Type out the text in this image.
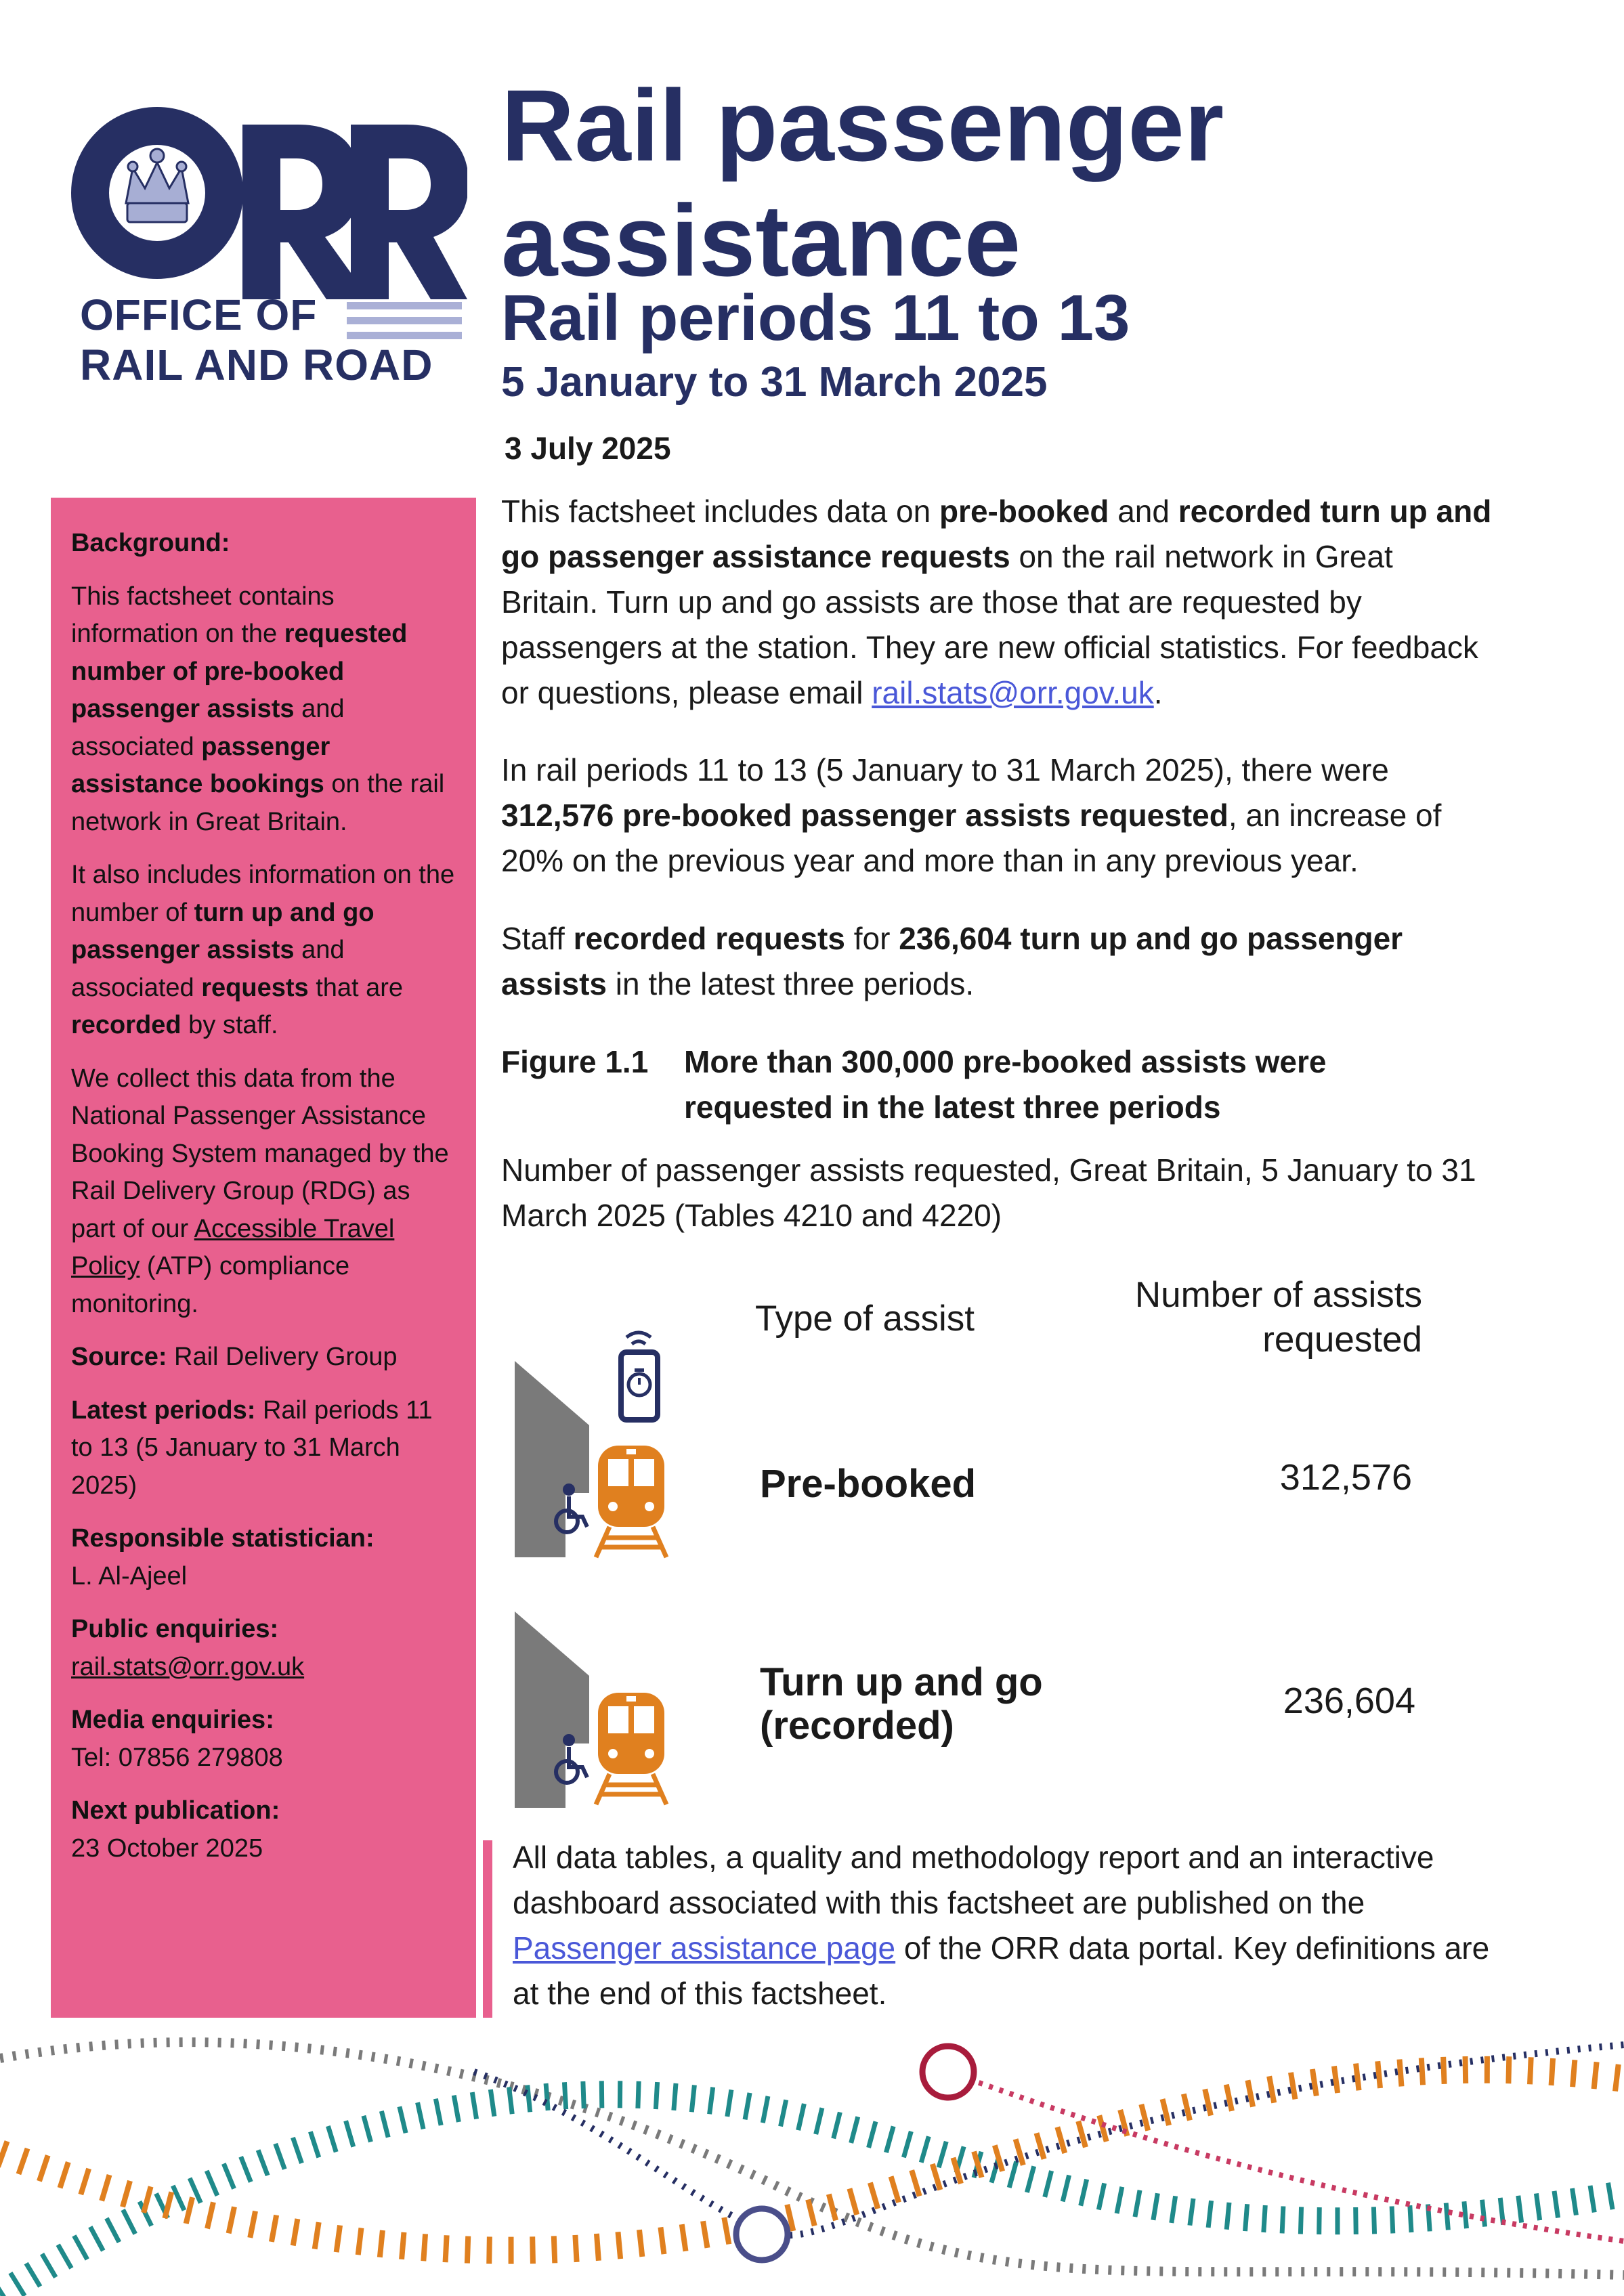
OFFICE OF
RAIL AND ROAD
Rail passenger
assistance
Rail periods 11 to 13
5 January to 31 March 2025
3 July 2025

Background:

This factsheet contains information on the requested number of pre-booked passenger assists and associated passenger assistance bookings on the rail network in Great Britain.

It also includes information on the number of turn up and go passenger assists and associated requests that are recorded by staff.

We collect this data from the National Passenger Assistance Booking System managed by the Rail Delivery Group (RDG) as part of our Accessible Travel Policy (ATP) compliance monitoring.

Source: Rail Delivery Group

Latest periods: Rail periods 11 to 13 (5 January to 31 March 2025)

Responsible statistician:
L. Al-Ajeel

Public enquiries:
rail.stats@orr.gov.uk

Media enquiries:
Tel: 07856 279808

Next publication:
23 October 2025

This factsheet includes data on pre-booked and recorded turn up and go passenger assistance requests on the rail network in Great Britain. Turn up and go assists are those that are requested by passengers at the station. They are new official statistics. For feedback or questions, please email rail.stats@orr.gov.uk.

In rail periods 11 to 13 (5 January to 31 March 2025), there were 312,576 pre-booked passenger assists requested, an increase of 20% on the previous year and more than in any previous year.

Staff recorded requests for 236,604 turn up and go passenger assists in the latest three periods.

Figure 1.1 More than 300,000 pre-booked assists were requested in the latest three periods
Number of passenger assists requested, Great Britain, 5 January to 31 March 2025 (Tables 4210 and 4220)
Type of assist
Number of assists
requested
Pre-booked	312,576
Turn up and go
(recorded)
236,604

All data tables, a quality and methodology report and an interactive dashboard associated with this factsheet are published on the Passenger assistance page of the ORR data portal. Key definitions are at the end of this factsheet.
